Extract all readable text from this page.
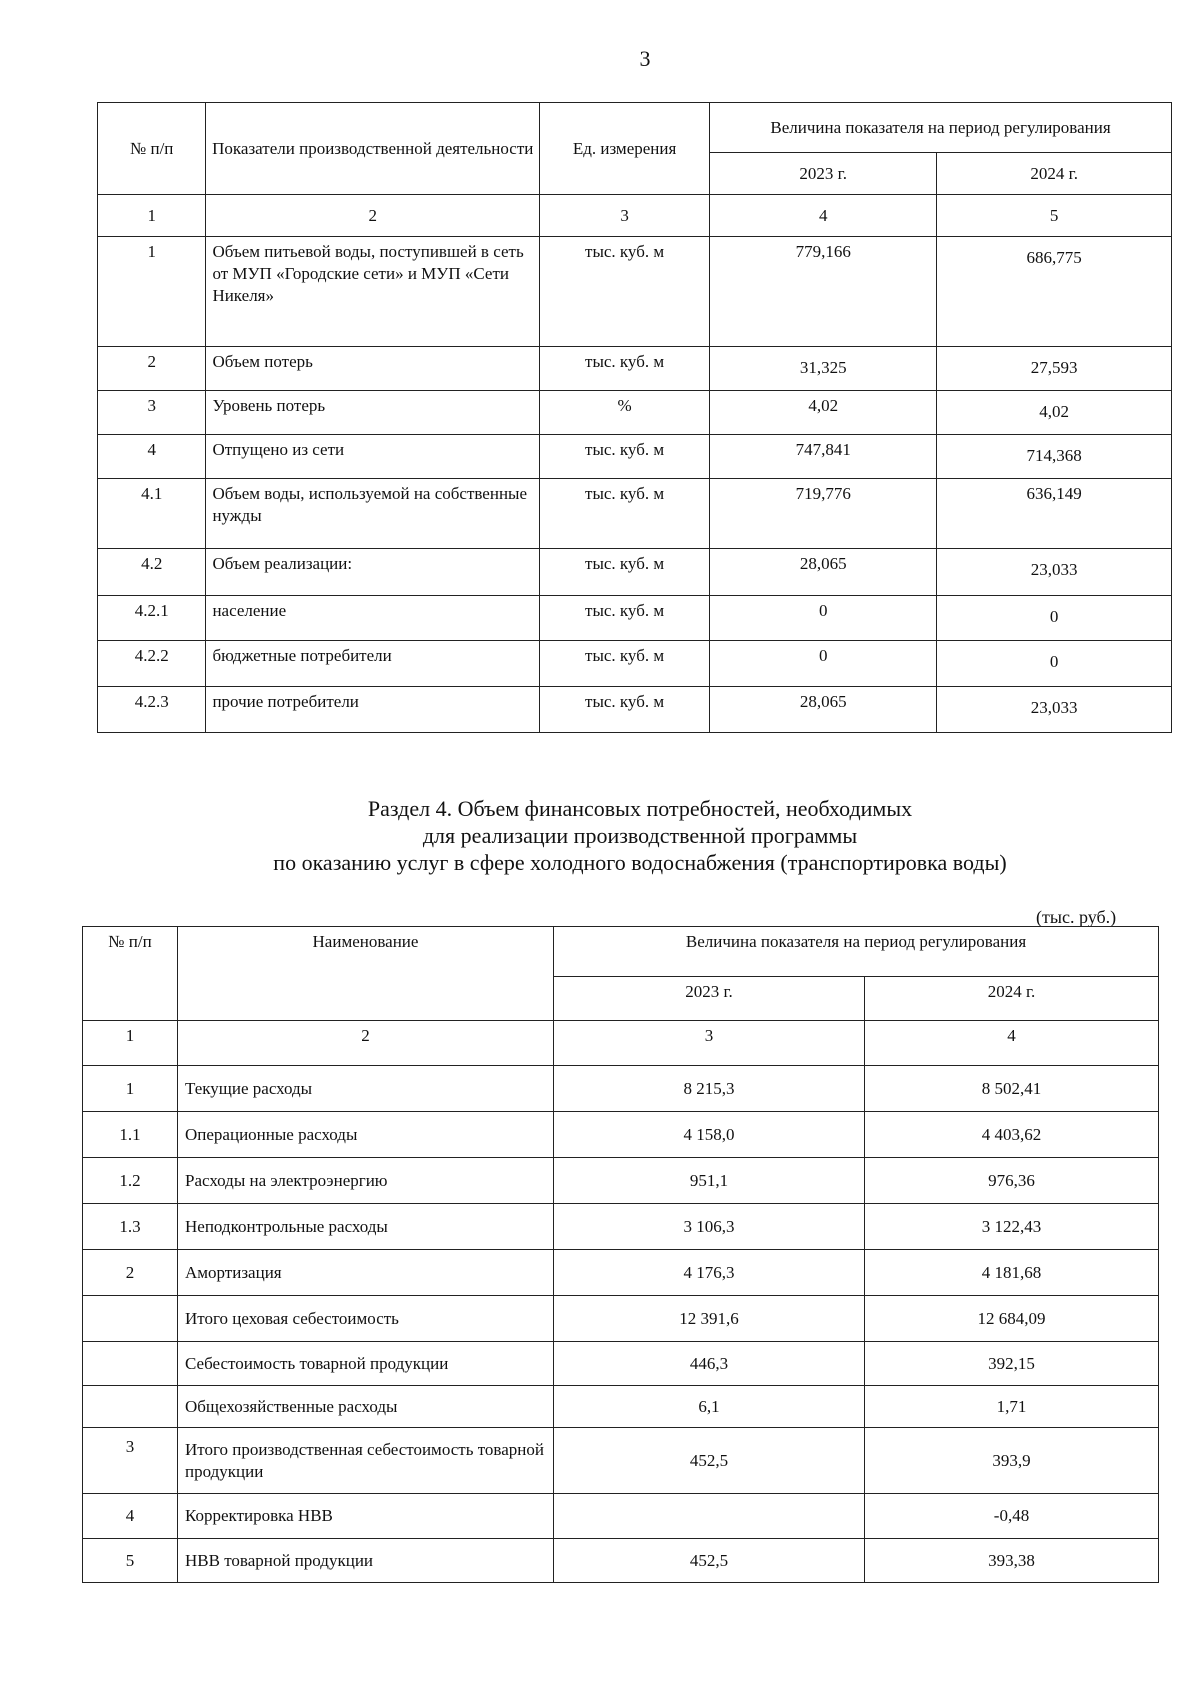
3
№ п/п	Показатели производственной деятельности	Ед. измерения	Величина показателя на период регулирования	
			2023 г.	2024 г.
1	2	3	4	5
1	Объем питьевой воды, поступившей в сеть от МУП «Городские сети» и МУП «Сети Никеля»	тыс. куб. м	779,166	686,775
2	Объем потерь	тыс. куб. м	31,325	27,593
3	Уровень потерь	%	4,02	4,02
4	Отпущено из сети	тыс. куб. м	747,841	714,368
4.1	Объем воды, используемой на собственные нужды	тыс. куб. м	719,776	636,149
4.2	Объем реализации:	тыс. куб. м	28,065	23,033
4.2.1	население	тыс. куб. м	0	0
4.2.2	бюджетные потребители	тыс. куб. м	0	0
4.2.3	прочие потребители	тыс. куб. м	28,065	23,033
Раздел 4. Объем финансовых потребностей, необходимых
для реализации производственной программы
по оказанию услуг в сфере холодного водоснабжения (транспортировка воды)
(тыс. руб.)
№ п/п	Наименование	Величина показателя на период регулирования	
		2023 г.	2024 г.
1	2	3	4
1	Текущие расходы	8 215,3	8 502,41
1.1	Операционные расходы	4 158,0	4 403,62
1.2	Расходы на электроэнергию	951,1	976,36
1.3	Неподконтрольные расходы	3 106,3	3 122,43
2	Амортизация	4 176,3	4 181,68
	Итого цеховая себестоимость	12 391,6	12 684,09
	Себестоимость товарной продукции	446,3	392,15
	Общехозяйственные расходы	6,1	1,71
3	Итого производственная себестоимость товарной продукции	452,5	393,9
4	Корректировка НВВ		-0,48
5	НВВ товарной продукции	452,5	393,38
